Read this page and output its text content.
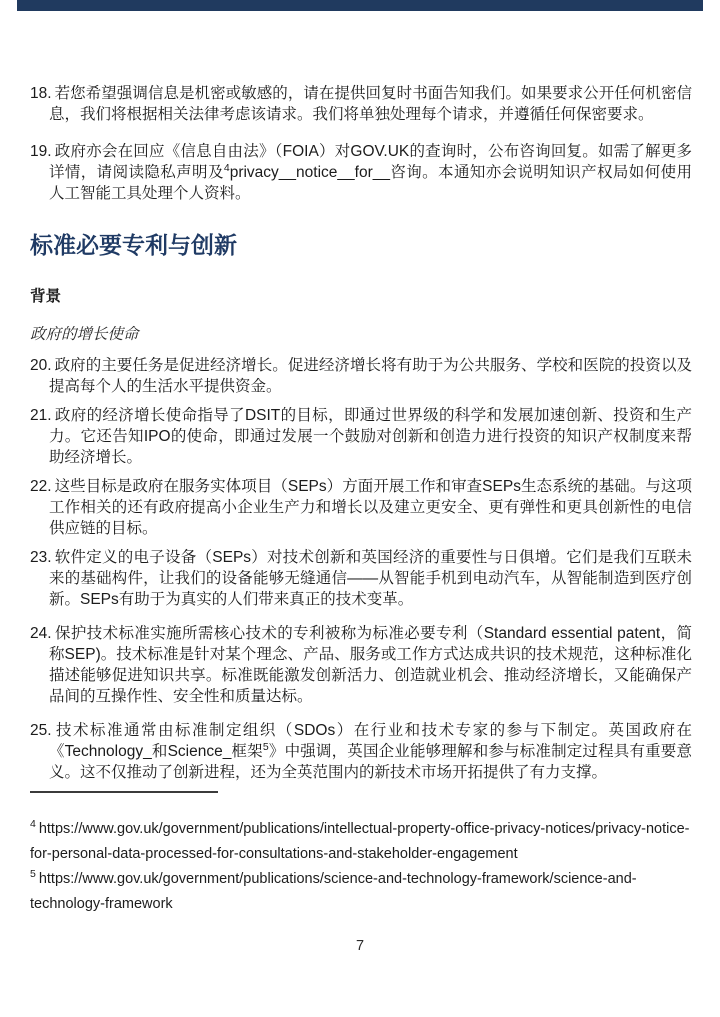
18. 若您希望强调信息是机密或敏感的，请在提供回复时书面告知我们。如果要求公开任何机密信息，我们将根据相关法律考虑该请求。我们将单独处理每个请求，并遵循任何保密要求。

19. 政府亦会在回应《信息自由法》（FOIA）对GOV.UK的查询时，公布咨询回复。如需了解更多详情，请阅读隐私声明及$^4$privacy__notice__for__咨询。本通知亦会说明知识产权局如何使用人工智能工具处理个人资料。

标准必要专利与创新
背景
政府的增长使命

20. 政府的主要任务是促进经济增长。促进经济增长将有助于为公共服务、学校和医院的投资以及提高每个人的生活水平提供资金。

21. 政府的经济增长使命指导了DSIT的目标，即通过世界级的科学和发展加速创新、投资和生产力。它还告知IPO的使命，即通过发展一个鼓励对创新和创造力进行投资的知识产权制度来帮助经济增长。

22. 这些目标是政府在服务实体项目（SEPs）方面开展工作和审查SEPs生态系统的基础。与这项工作相关的还有政府提高小企业生产力和增长以及建立更安全、更有弹性和更具创新性的电信供应链的目标。

23. 软件定义的电子设备（SEPs）对技术创新和英国经济的重要性与日俱增。它们是我们互联未来的基础构件，让我们的设备能够无缝通信——从智能手机到电动汽车，从智能制造到医疗创新。SEPs有助于为真实的人们带来真正的技术变革。

24. 保护技术标准实施所需核心技术的专利被称为标准必要专利（Standard essential patent，简称SEP)。技术标准是针对某个理念、产品、服务或工作方式达成共识的技术规范，这种标准化描述能够促进知识共享。标准既能激发创新活力、创造就业机会、推动经济增长，又能确保产品间的互操作性、安全性和质量达标。

25. 技术标准通常由标准制定组织（SDOs）在行业和技术专家的参与下制定。英国政府在《Technology_和Science_框架$^5$》中强调，英国企业能够理解和参与标准制定过程具有重要意义。这不仅推动了创新进程，还为全英范围内的新技术市场开拓提供了有力支撑。

$^4$ https://www.gov.uk/government/publications/intellectual-property-office-privacy-notices/privacy-notice-for-personal-data-processed-for-consultations-and-stakeholder-engagement

$^5$ https://www.gov.uk/government/publications/science-and-technology-framework/science-and-technology-framework

7
